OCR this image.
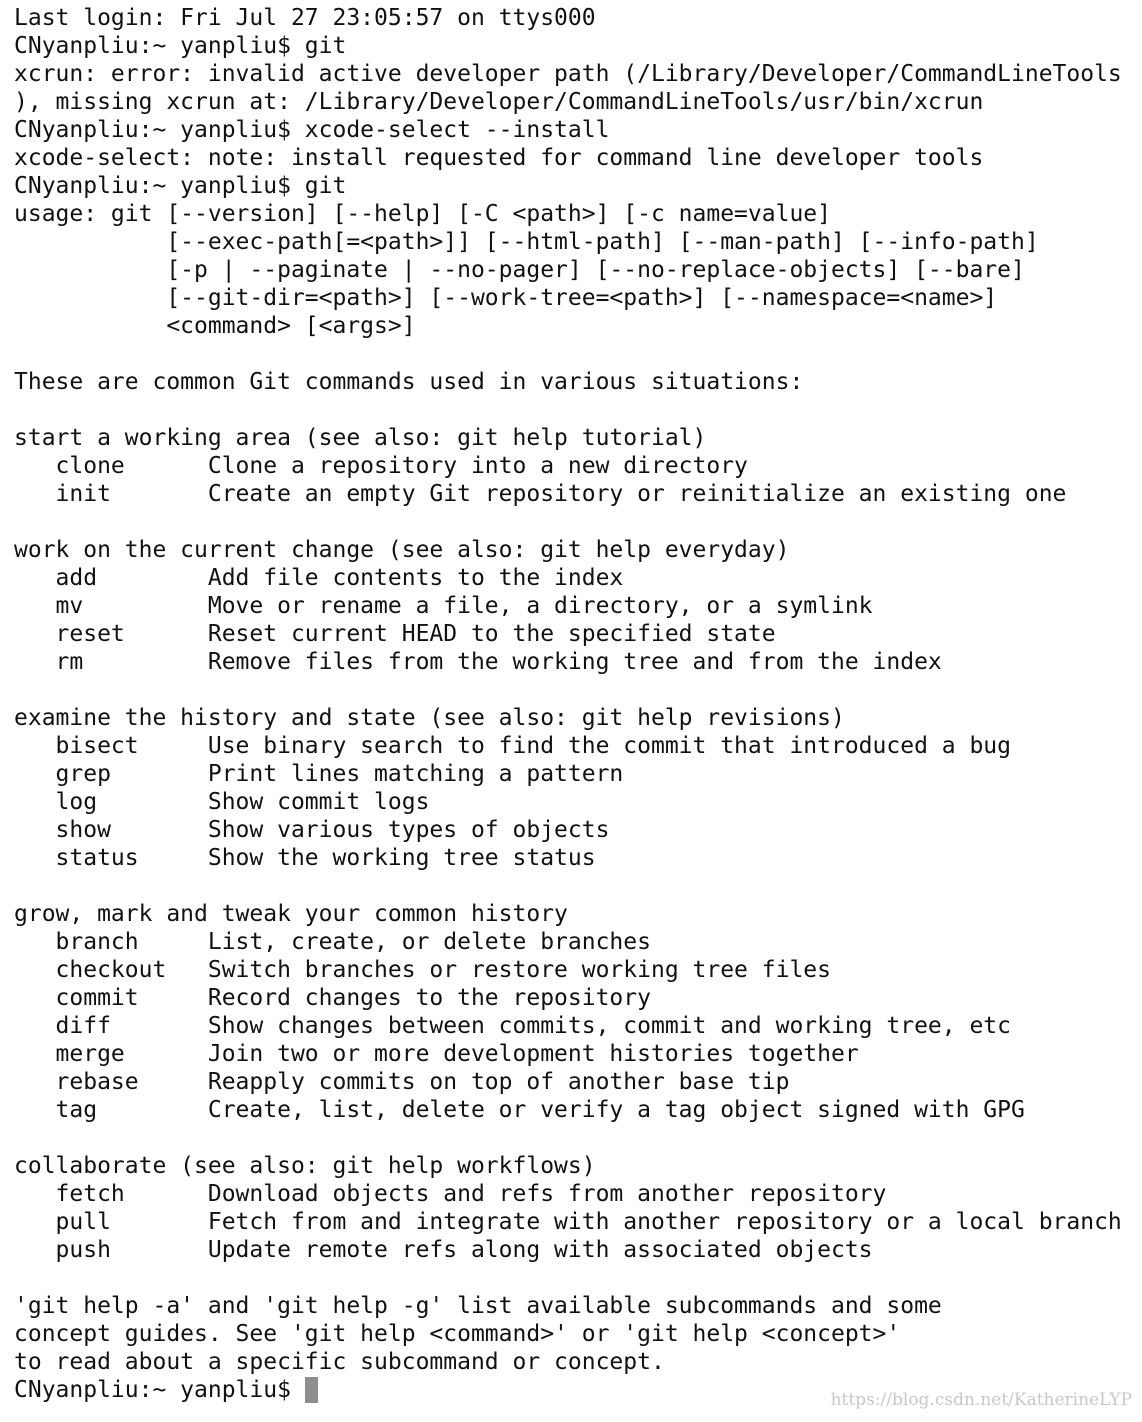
Last login: Fri Jul 27 23:05:57 on ttys000
CNyanpliu:~ yanpliu$ git
xcrun: error: invalid active developer path (/Library/Developer/CommandLineTools
), missing xcrun at: /Library/Developer/CommandLineTools/usr/bin/xcrun
CNyanpliu:~ yanpliu$ xcode-select --install
xcode-select: note: install requested for command line developer tools
CNyanpliu:~ yanpliu$ git
usage: git [--version] [--help] [-C <path>] [-c name=value]
[--exec-path[=<path>]] [--html-path] [--man-path] [--info-path]
[-p | --paginate | --no-pager] [--no-replace-objects] [--bare]
[--git-dir=<path>] [--work-tree=<path>] [--namespace=<name>]
<command> [<args>]
These are common Git commands used in various situations:
start a working area (see also: git help tutorial)
clone      Clone a repository into a new directory
init       Create an empty Git repository or reinitialize an existing one
work on the current change (see also: git help everyday)
add        Add file contents to the index
mv         Move or rename a file, a directory, or a symlink
reset      Reset current HEAD to the specified state
rm         Remove files from the working tree and from the index
examine the history and state (see also: git help revisions)
bisect     Use binary search to find the commit that introduced a bug
grep       Print lines matching a pattern
log        Show commit logs
show       Show various types of objects
status     Show the working tree status
grow, mark and tweak your common history
branch     List, create, or delete branches
checkout   Switch branches or restore working tree files
commit     Record changes to the repository
diff       Show changes between commits, commit and working tree, etc
merge      Join two or more development histories together
rebase     Reapply commits on top of another base tip
tag        Create, list, delete or verify a tag object signed with GPG
collaborate (see also: git help workflows)
fetch      Download objects and refs from another repository
pull       Fetch from and integrate with another repository or a local branch
push       Update remote refs along with associated objects
'git help -a' and 'git help -g' list available subcommands and some
concept guides. See 'git help <command>' or 'git help <concept>'
to read about a specific subcommand or concept.
CNyanpliu:~ yanpliu$	https://blog.csdn.net/KatherineLYP
